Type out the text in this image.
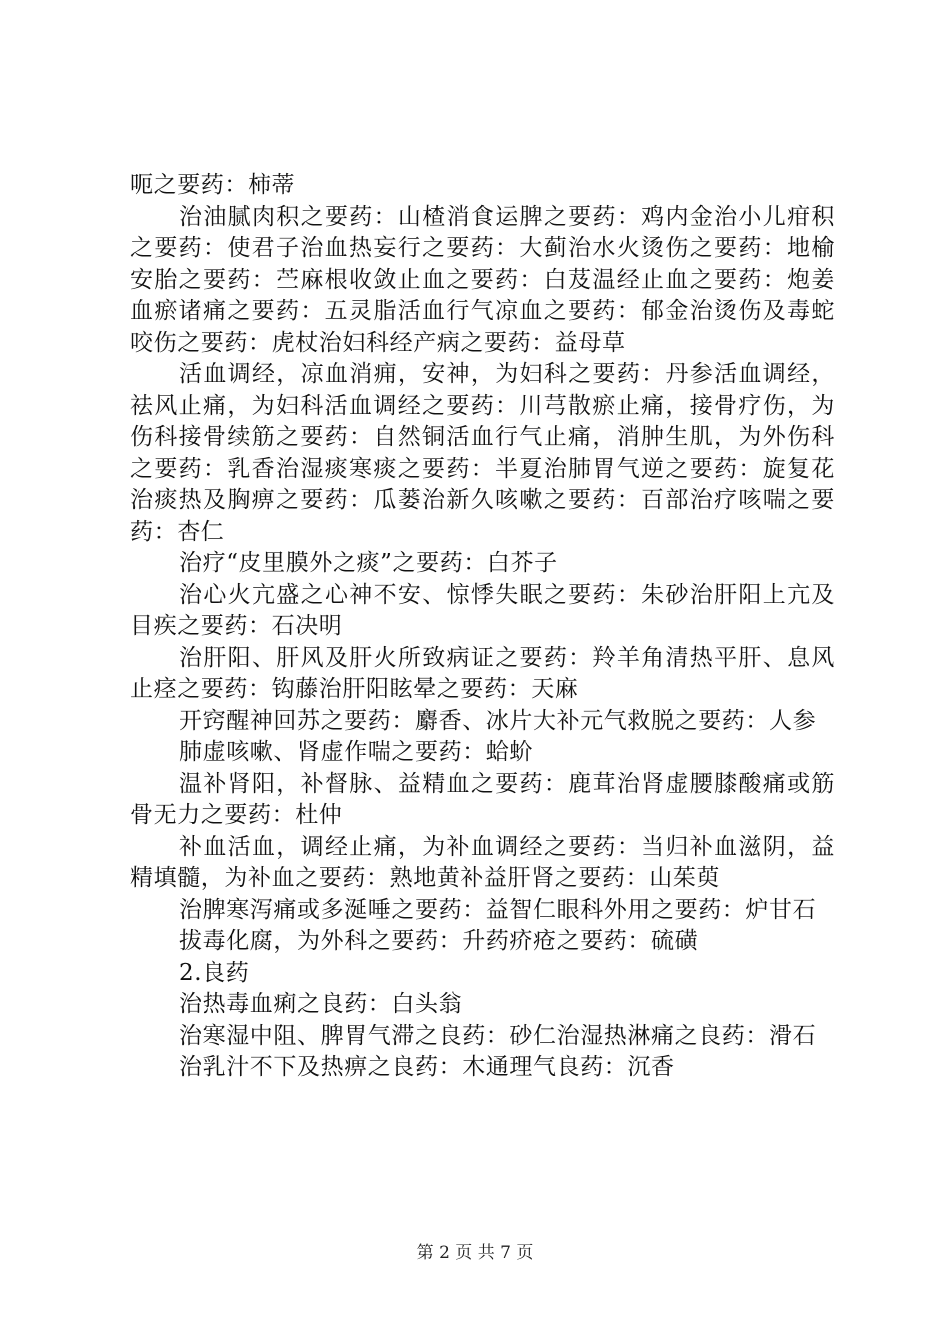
呃之要药：柿蒂

治油腻肉积之要药：山楂消食运脾之要药：鸡内金治小儿疳积之要药：使君子治血热妄行之要药：大蓟治水火烫伤之要药：地榆安胎之要药：苎麻根收敛止血之要药：白芨温经止血之要药：炮姜血瘀诸痛之要药：五灵脂活血行气凉血之要药：郁金治烫伤及毒蛇咬伤之要药：虎杖治妇科经产病之要药：益母草

活血调经，凉血消痈，安神，为妇科之要药：丹参活血调经，祛风止痛，为妇科活血调经之要药：川芎散瘀止痛，接骨疗伤，为伤科接骨续筋之要药：自然铜活血行气止痛，消肿生肌，为外伤科之要药：乳香治湿痰寒痰之要药：半夏治肺胃气逆之要药：旋复花治痰热及胸痹之要药：瓜蒌治新久咳嗽之要药：百部治疗咳喘之要药：杏仁

治疗“皮里膜外之痰”之要药：白芥子

治心火亢盛之心神不安、惊悸失眠之要药：朱砂治肝阳上亢及目疾之要药：石决明

治肝阳、肝风及肝火所致病证之要药：羚羊角清热平肝、息风止痉之要药：钩藤治肝阳眩晕之要药：天麻

开窍醒神回苏之要药：麝香、冰片大补元气救脱之要药：人参

肺虚咳嗽、肾虚作喘之要药：蛤蚧

温补肾阳，补督脉、益精血之要药：鹿茸治肾虚腰膝酸痛或筋骨无力之要药：杜仲

补血活血，调经止痛，为补血调经之要药：当归补血滋阴，益精填髓，为补血之要药：熟地黄补益肝肾之要药：山茱萸

治脾寒泻痛或多涎唾之要药：益智仁眼科外用之要药：炉甘石

拔毒化腐，为外科之要药：升药疥疮之要药：硫磺

2.良药

治热毒血痢之良药：白头翁

治寒湿中阻、脾胃气滞之良药：砂仁治湿热淋痛之良药：滑石

治乳汁不下及热痹之良药：木通理气良药：沉香

第 2 页 共 7 页
